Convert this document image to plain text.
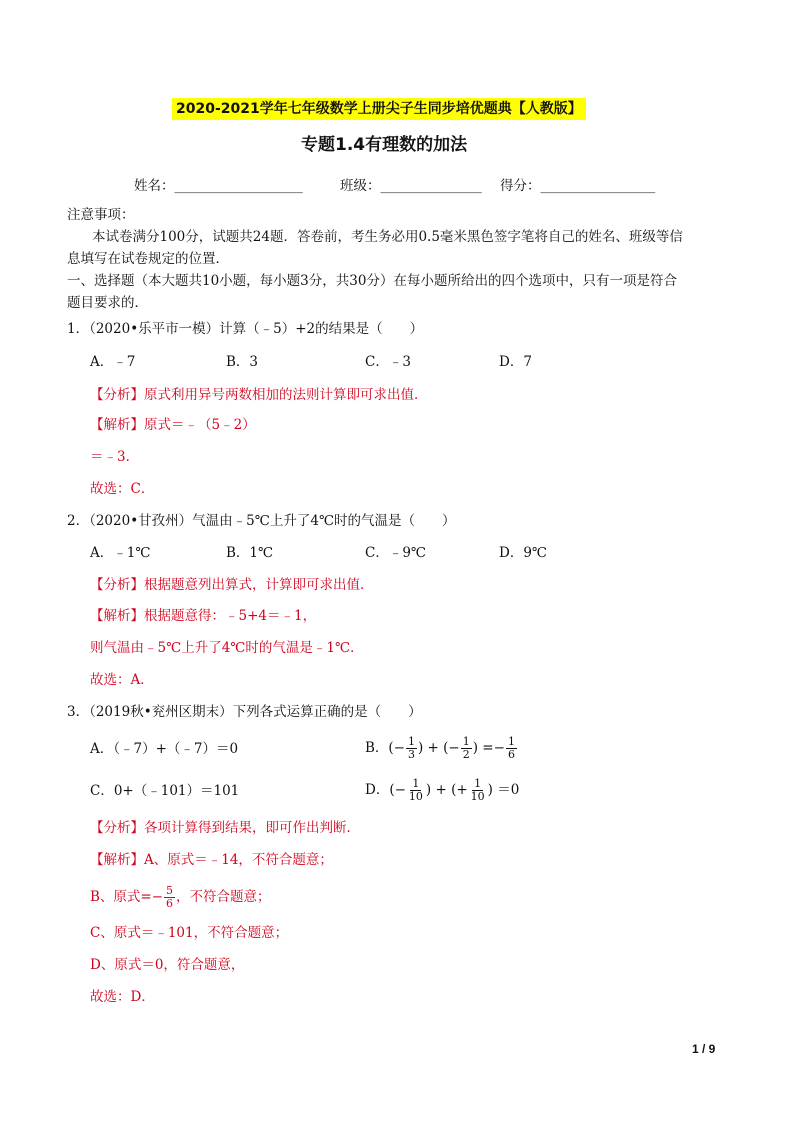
2020-2021学年七年级数学上册尖子生同步培优题典【人教版】
专题1.4有理数的加法
姓名：___________________	班级：_______________ 得分：_________________
注意事项：
本试卷满分100分，试题共24题．答卷前，考生务必用0.5毫米黑色签字笔将自己的姓名、班级等信
息填写在试卷规定的位置．
一、选择题（本大题共10小题，每小题3分，共30分）在每小题所给出的四个选项中，只有一项是符合
题目要求的．
1．（2020•乐平市一模）计算（﹣5）+2的结果是（　　）
A．﹣7	B．3	C．﹣3	D．7
【分析】原式利用异号两数相加的法则计算即可求出值．
【解析】原式＝﹣（5﹣2）
＝﹣3．
故选：C．
2．（2020•甘孜州）气温由﹣5℃上升了4℃时的气温是（　　）
A．﹣1℃	B．1℃	C．﹣9℃	D．9℃
【分析】根据题意列出算式，计算即可求出值．
【解析】根据题意得：﹣5+4＝﹣1，
则气温由﹣5℃上升了4℃时的气温是﹣1℃．
故选：A．
3．（2019秋•兖州区期末）下列各式运算正确的是（　　）
A．（﹣7）+（﹣7）＝0	B．(− $\frac{1}{3}$ ) + (− $\frac{1}{2}$ ) =− $\frac{1}{6}$
C．0+（﹣101）＝101	D．(− $\frac{1}{10}$ ) + (+ $\frac{1}{10}$ ) ＝0
【分析】各项计算得到结果，即可作出判断．
【解析】A、原式＝﹣14，不符合题意；
B、原式=− $\frac{5}{6}$ ，不符合题意；
C、原式＝﹣101，不符合题意；
D、原式＝0，符合题意，
故选：D．
1 / 9
